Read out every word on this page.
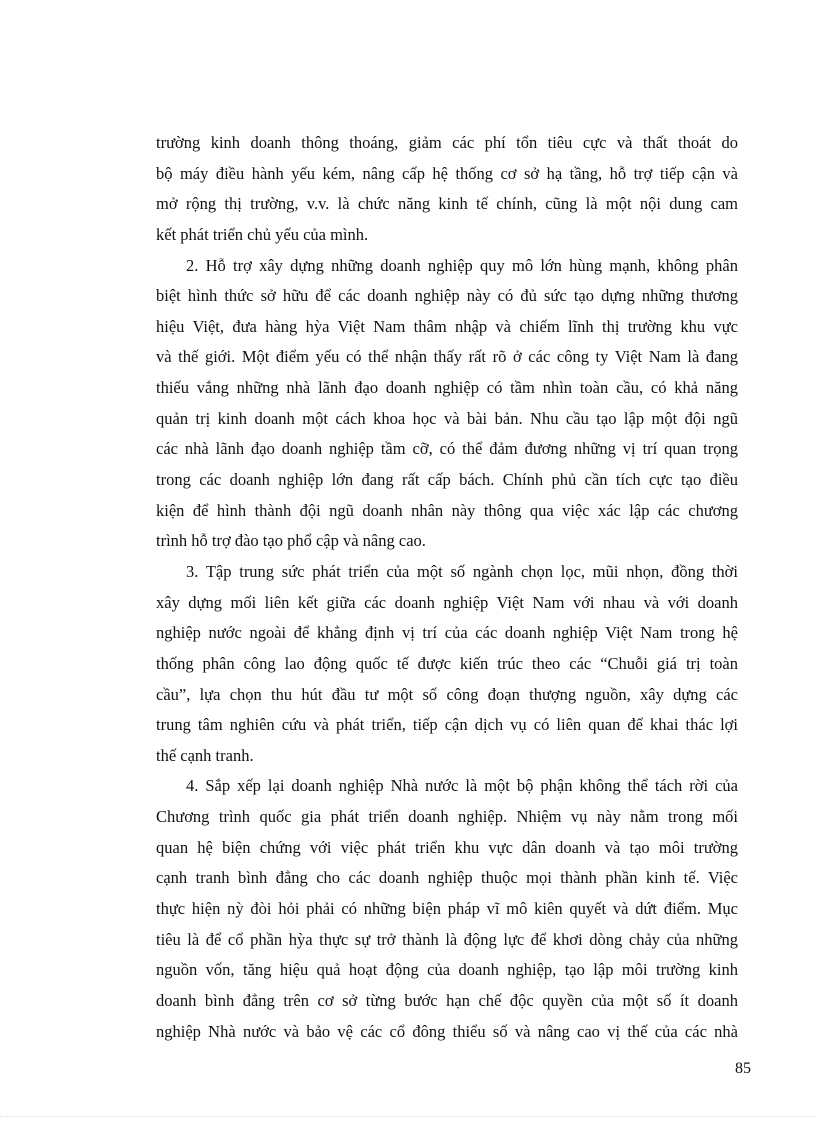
trường kinh doanh thông thoáng, giảm các phí tổn tiêu cực và thất thoát do
bộ máy điều hành yếu kém, nâng cấp hệ thống cơ sở hạ tầng, hỗ trợ tiếp cận và
mở rộng thị trường, v.v. là chức năng kinh tế chính, cũng là một nội dung cam
kết phát triển chủ yếu của mình.
2. Hỗ trợ xây dựng những doanh nghiệp quy mô lớn hùng mạnh, không phân
biệt hình thức sở hữu để các doanh nghiệp này có đủ sức tạo dựng những thương
hiệu Việt, đưa hàng hỳa Việt Nam thâm nhập và chiếm lĩnh thị trường khu vực
và thế giới. Một điểm yếu có thể nhận thấy rất rõ ở các công ty Việt Nam là đang
thiếu vắng những nhà lãnh đạo doanh nghiệp có tầm nhìn toàn cầu, có khả năng
quản trị kinh doanh một cách khoa học và bài bản. Nhu cầu tạo lập một đội ngũ
các nhà lãnh đạo doanh nghiệp tầm cỡ, có thể đảm đương những vị trí quan trọng
trong các doanh nghiệp lớn đang rất cấp bách. Chính phủ cần tích cực tạo điều
kiện để hình thành đội ngũ doanh nhân này thông qua việc xác lập các chương
trình hỗ trợ đào tạo phổ cập và nâng cao.
3. Tập trung sức phát triển của một số ngành chọn lọc, mũi nhọn, đồng thời
xây dựng mối liên kết giữa các doanh nghiệp Việt Nam với nhau và với doanh
nghiệp nước ngoài để khẳng định vị trí của các doanh nghiệp Việt Nam trong hệ
thống phân công lao động quốc tế được kiến trúc theo các “Chuỗi giá trị toàn
cầu”, lựa chọn thu hút đầu tư một số công đoạn thượng nguồn, xây dựng các
trung tâm nghiên cứu và phát triển, tiếp cận dịch vụ có liên quan để khai thác lợi
thế cạnh tranh.
4. Sắp xếp lại doanh nghiệp Nhà nước là một bộ phận không thể tách rời của
Chương trình quốc gia phát triển doanh nghiệp. Nhiệm vụ này nằm trong mối
quan hệ biện chứng với việc phát triển khu vực dân doanh và tạo môi trường
cạnh tranh bình đẳng cho các doanh nghiệp thuộc mọi thành phần kinh tế. Việc
thực hiện nỳ đòi hỏi phải có những biện pháp vĩ mô kiên quyết và dứt điểm. Mục
tiêu là để cổ phần hỳa thực sự trở thành là động lực để khơi dòng chảy của những
nguồn vốn, tăng hiệu quả hoạt động của doanh nghiệp, tạo lập môi trường kinh
doanh bình đẳng trên cơ sở từng bước hạn chế độc quyền của một số ít doanh
nghiệp Nhà nước và bảo vệ các cổ đông thiểu số và nâng cao vị thế của các nhà
85
